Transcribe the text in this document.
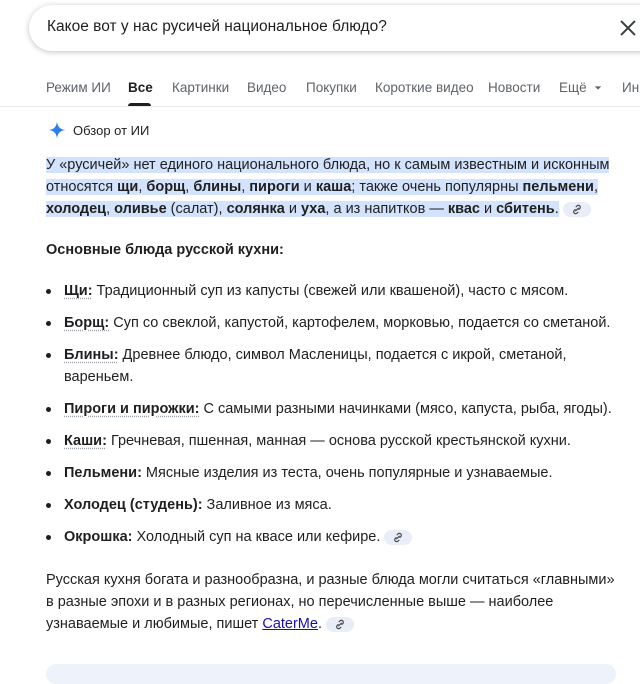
Какое вот у нас русичей национальное блюдо?
Режим ИИ Все Картинки Видео Покупки Короткие видео Новости Ещё	Ин
Обзор от ИИ
У «русичей» нет единого национального блюда, но к самым известным и исконным относятся щи, борщ, блины, пироги и каша; также очень популярны пельмени, холодец, оливье (салат), солянка и уха, а из напитков — квас и сбитень.
Основные блюда русской кухни:
Щи: Традиционный суп из капусты (свежей или квашеной), часто с мясом.
Борщ: Суп со свеклой, капустой, картофелем, морковью, подается со сметаной.
Блины: Древнее блюдо, символ Масленицы, подается с икрой, сметаной, вареньем.
Пироги и пирожки: С самыми разными начинками (мясо, капуста, рыба, ягоды).
Каши: Гречневая, пшенная, манная — основа русской крестьянской кухни.
Пельмени: Мясные изделия из теста, очень популярные и узнаваемые.
Холодец (студень): Заливное из мяса.
Окрошка: Холодный суп на квасе или кефире.
Русская кухня богата и разнообразна, и разные блюда могли считаться «главными» в разные эпохи и в разных регионах, но перечисленные выше — наиболее узнаваемые и любимые, пишет CaterMe.
